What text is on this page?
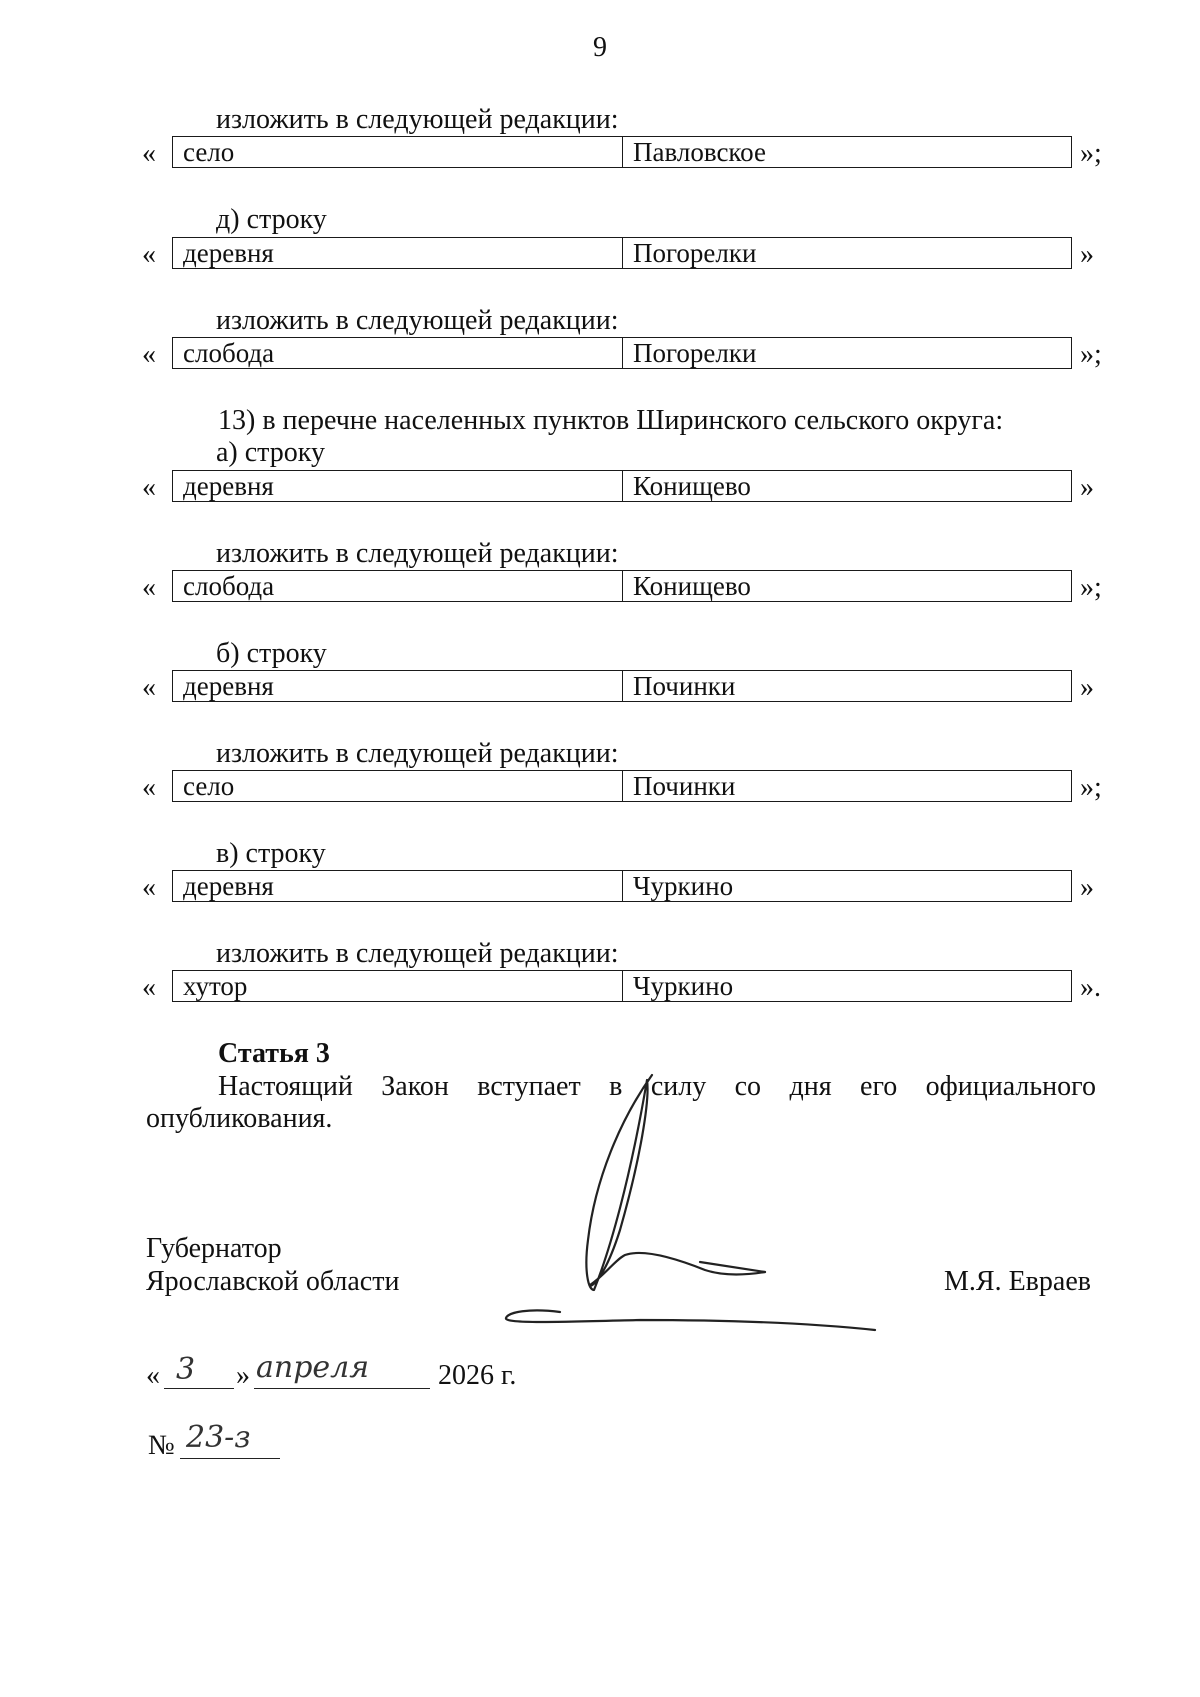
9
изложить в следующей редакции:
«	село	Павловское	»;
д) строку
«	деревня	Погорелки	»
изложить в следующей редакции:
«	слобода	Погорелки	»;
13) в перечне населенных пунктов Ширинского сельского округа:
а) строку
«	деревня	Конищево	»
изложить в следующей редакции:
«	слобода	Конищево	»;
б) строку
«	деревня	Починки	»
изложить в следующей редакции:
«	село	Починки	»;
в) строку
«	деревня	Чуркино	»
изложить в следующей редакции:
«	хутор	Чуркино	».
Статья 3
Настоящий Закон вступает в силу со дня его официального
опубликования.
Губернатор
Ярославской области	М.Я. Евраев
« 3 » апреля 2026 г.
№ 23-з
